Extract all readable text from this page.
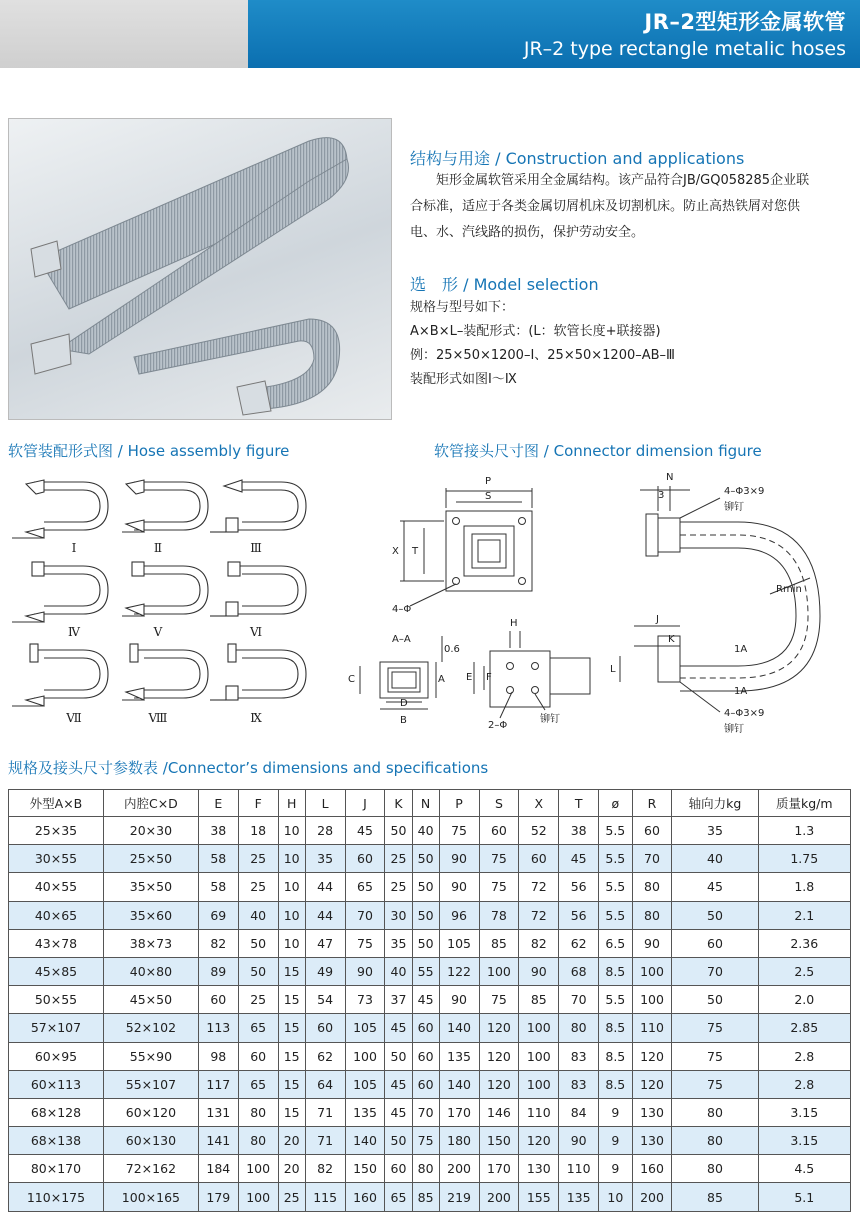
JR–2型矩形金属软管
JR–2 type rectangle metalic hoses
结构与用途 / Construction and applications
　　矩形金属软管采用全金属结构。该产品符合JB/GQ058285企业联
合标准，适应于各类金属切屑机床及切割机床。防止高热铁屑对您供
电、水、汽线路的损伤，保护劳动安全。
选　形 / Model selection
规格与型号如下：
A×B×L–装配形式：(L：软管长度+联接器)
例：25×50×1200–Ⅰ、25×50×1200–AB–Ⅲ
装配形式如图Ⅰ～Ⅸ
软管装配形式图 / Hose assembly figure	软管接头尺寸图 / Connector dimension figure
Ⅰ	Ⅱ	Ⅲ
Ⅳ	Ⅴ	Ⅵ
Ⅶ	Ⅷ	Ⅸ
P
S
X T
4–Φ
A–A
C
D
B
A
0.6
H
E F
2–Φ
铆钉
N
3	4–Φ3×9
铆钉
Rmin
J
K
L
1A
1A
4–Φ3×9
铆钉
规格及接头尺寸参数表 /Connector’s dimensions and specifications
外型A×B	内腔C×D	E	F	H	L	J	K	N	P	S	X	T	ø	R	轴向力kg	质量kg/m
25×35	20×30	38	18	10	28	45	50	40	75	60	52	38	5.5	60	35	1.3
30×55	25×50	58	25	10	35	60	25	50	90	75	60	45	5.5	70	40	1.75
40×55	35×50	58	25	10	44	65	25	50	90	75	72	56	5.5	80	45	1.8
40×65	35×60	69	40	10	44	70	30	50	96	78	72	56	5.5	80	50	2.1
43×78	38×73	82	50	10	47	75	35	50	105	85	82	62	6.5	90	60	2.36
45×85	40×80	89	50	15	49	90	40	55	122	100	90	68	8.5	100	70	2.5
50×55	45×50	60	25	15	54	73	37	45	90	75	85	70	5.5	100	50	2.0
57×107	52×102	113	65	15	60	105	45	60	140	120	100	80	8.5	110	75	2.85
60×95	55×90	98	60	15	62	100	50	60	135	120	100	83	8.5	120	75	2.8
60×113	55×107	117	65	15	64	105	45	60	140	120	100	83	8.5	120	75	2.8
68×128	60×120	131	80	15	71	135	45	70	170	146	110	84	9	130	80	3.15
68×138	60×130	141	80	20	71	140	50	75	180	150	120	90	9	130	80	3.15
80×170	72×162	184	100	20	82	150	60	80	200	170	130	110	9	160	80	4.5
110×175	100×165	179	100	25	115	160	65	85	219	200	155	135	10	200	85	5.1
